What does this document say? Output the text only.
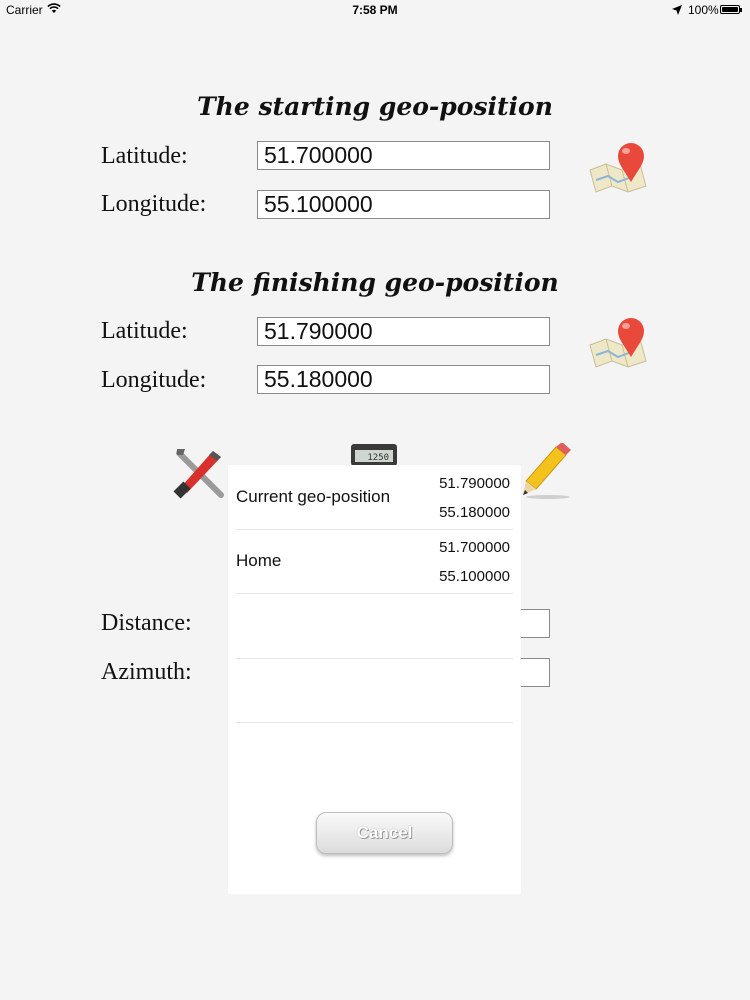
Carrier	7:58 PM	100%
The starting geo-position
Latitude:
51.700000
Longitude:
55.100000
The finishing geo-position
Latitude:
51.790000
Longitude:
55.180000
1250
Distance:
Azimuth:
Current geo-position
51.790000
55.180000
Home
51.700000
55.100000
Cancel
